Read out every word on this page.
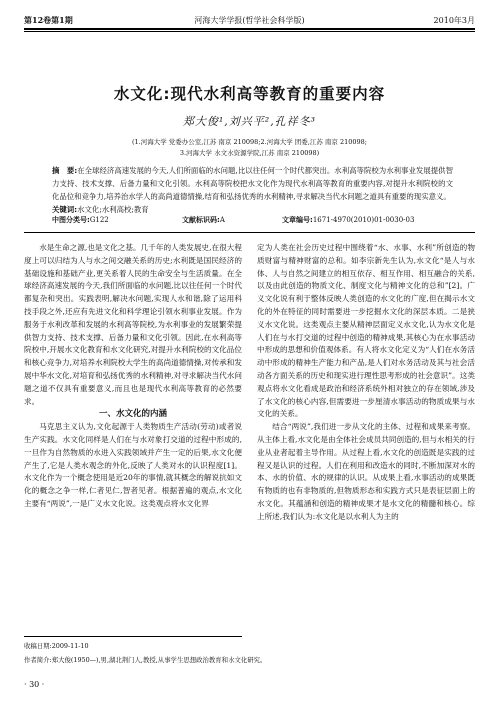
第12卷第1期	河海大学学报(哲学社会科学版)	2010年3月
水文化:现代水利高等教育的重要内容
郑大俊¹,刘兴平²,孔祥冬³
(1.河海大学 党委办公室,江苏 南京 210098;2.河海大学 团委,江苏 南京 210098;
3.河海大学 水文水资源学院,江苏 南京 210098)
摘　要:在全球经济高速发展的今天,人们所面临的水问题,比以往任何一个时代都突出。水利高等院校为水利事业发展提供智力支持、技术支撑、后备力量和文化引领。水利高等院校把水文化作为现代水利高等教育的重要内容,对提升水利院校的文化品位和竞争力,培养治水学人的高尚道德情操,结育和弘扬优秀的水利精神,寻求解决当代水问题之道具有重要的现实意义。
关键词:水文化;水利高校;教育
中图分类号:G122	文献标识码:A	文章编号:1671-4970(2010)01-0030-03

水是生命之源,也是文化之基。几千年的人类发展史,在很大程度上可以归结为人与水之间交融关系的历史;水利既是国民经济的基础设施和基础产业,更关系着人民的生命安全与生活质量。在全球经济高速发展的今天,我们所面临的水问题,比以往任何一个时代都复杂和突出。实践表明,解决水问题,实现人水和谐,除了运用科技手段之外,还应有先进文化和科学理论引领水利事业发展。作为服务于水利改革和发展的水利高等院校,为水利事业的发展繁荣提供智力支持、技术支撑、后备力量和文化引领。因此,在水利高等院校中,开展水文化教育和水文化研究,对提升水利院校的文化品位和核心竞争力,对培养水利院校大学生的高尚道德情操,对传承和发展中华水文化,对培育和弘扬优秀的水利精神,对寻求解决当代水问题之道不仅具有重要意义,而且也是现代水利高等教育的必然要求。

一、水文化的内涵

马克思主义认为,文化起源于人类物质生产活动(劳动)或者说生产实践。水文化同样是人们在与水对象打交道的过程中形成的,一旦作为自然物质的水进入实践领域并产生一定的后果,水文化便产生了,它是人类水观念的外化,反映了人类对水的认识程度[1]。水文化作为一个概念使用是近20年的事情,就其概念的解说抗如文化的概念之争一样,仁者见仁,智者见者。根据普遍的观点,水文化主要有“两说”,一是广义水文化说。这类观点将水文化界

定为人类在社会历史过程中围绕着“水、水事、水利”所创造的物质财富与精神财富的总和。如李宗新先生认为,水文化“是人与水体、人与自然之间建立的相互依存、相互作用、相互融合的关系,以及由此创造的物质文化、制度文化与精神文化的总和”[2]。广义文化说有利于整体反映人类创造的水文化的广度,但在揭示水文化的外在特征的同时需要进一步挖掘水文化的深层本质。二是狭义水文化说。这类观点主要从精神层面定义水文化,认为水文化是人们在与水打交道的过程中创造的精神成果,其核心为在水事活动中形成的思想和价值观体系。有人将水文化定义为“人们在水务活动中形成的精神生产能力和产品,是人们对水务活动及其与社会活动各方面关系的历史和现实进行理性思考形成的社会意识”。这类观点将水文化看成是政治和经济系统外相对独立的存在领域,涉及了水文化的核心内容,但需要进一步厘清水事活动的物质成果与水文化的关系。

结合“两说”,我们进一步从文化的主体、过程和成果来考察。从主体上看,水文化是由全体社会成员共同创造的,但与水相关的行业从业者起着主导作用。从过程上看,水文化的创造既是实践的过程又是认识的过程。人们在利用和改造水的同时,不断加深对水的本、水的价值、水的规律的认识。从成果上看,水事活动的成果既有物质的也有非物质的,但物质形态和实践方式只是表征层面上的水文化。其蕴涵和创造的精神成果才是水文化的精髓和核心。综上所述,我们认为:水文化是以水利人为主的

收稿日期:2009-11-10
作者简介:郑大俊(1950—),男,湖北荆门人,教授,从事学生思想政治教育和水文化研究。
· 30 ·
